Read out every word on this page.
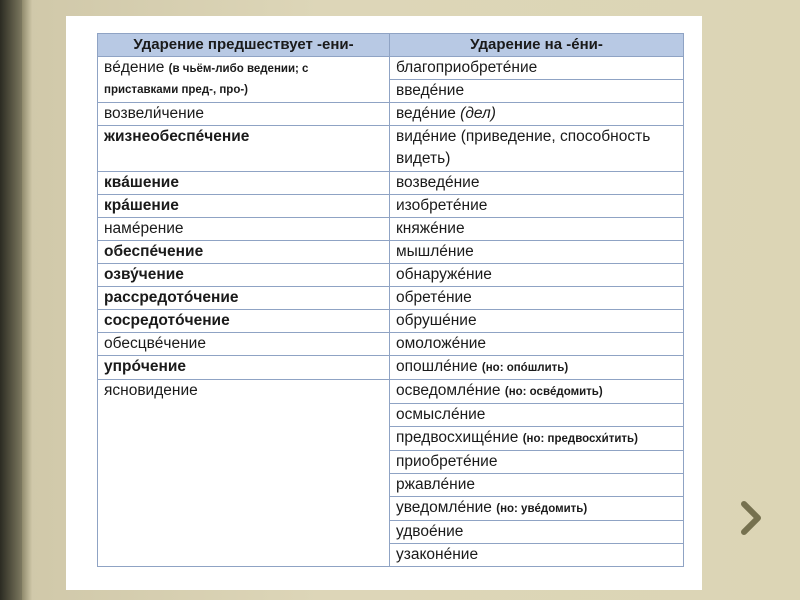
Ударение предшествует -ени-	Ударение на -éни-
вéдение (в чьём-либо ведении; с приставками пред-, про-)	благоприобретéние
	введéние
возвели́чение	ведéние (дел)
жизнеобеспéчение	видéние (приведение, способность видеть)
квáшение	возведéние
крáшение	изобретéние
намéрение	княжéние
обеспéчение	мышлéние
озву́чение	обнаружéние
рассредотóчение	обретéние
сосредотóчение	обрушéние
обесцвéчение	омоложéние
упрóчение	опошлéние (но: опóшлить)
ясновидение	осведомлéние (но: освéдомить)
	осмыслéние
	предвосхищéние (но: предвосхи́тить)
	приобретéние
	ржавлéние
	уведомлéние (но: увéдомить)
	удвоéние
	узаконéние
